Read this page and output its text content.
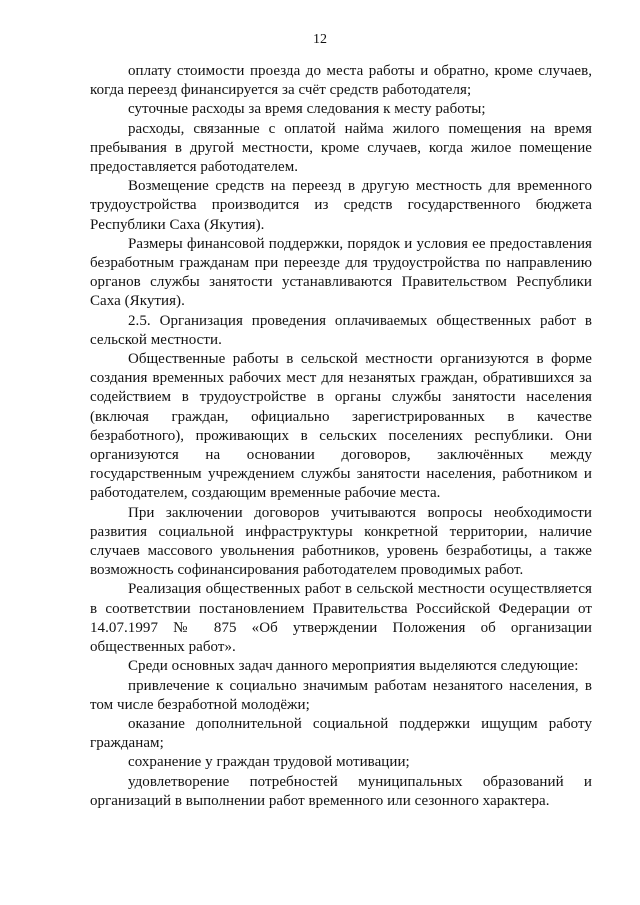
12

оплату стоимости проезда до места работы и обратно, кроме случаев, когда переезд финансируется за счёт средств работодателя;

суточные расходы за время следования к месту работы;

расходы, связанные с оплатой найма жилого помещения на время пребывания в другой местности, кроме случаев, когда жилое помещение предоставляется работодателем.

Возмещение средств на переезд в другую местность для временного трудоустройства производится из средств государственного бюджета Республики Саха (Якутия).

Размеры финансовой поддержки, порядок и условия ее предоставления безработным гражданам при переезде для трудоустройства по направлению органов службы занятости устанавливаются Правительством Республики Саха (Якутия).

2.5. Организация проведения оплачиваемых общественных работ в сельской местности.

Общественные работы в сельской местности организуются в форме создания временных рабочих мест для незанятых граждан, обратившихся за содействием в трудоустройстве в органы службы занятости населения (включая граждан, официально зарегистрированных в качестве безработного), проживающих в сельских поселениях республики. Они организуются на основании договоров, заключённых между государственным учреждением службы занятости населения, работником и работодателем, создающим временные рабочие места.

При заключении договоров учитываются вопросы необходимости развития социальной инфраструктуры конкретной территории, наличие случаев массового увольнения работников, уровень безработицы, а также возможность софинансирования работодателем проводимых работ.

Реализация общественных работ в сельской местности осуществляется в соответствии постановлением Правительства Российской Федерации от 14.07.1997 № 875 «Об утверждении Положения об организации общественных работ».

Среди основных задач данного мероприятия выделяются следующие:

привлечение к социально значимым работам незанятого населения, в том числе безработной молодёжи;

оказание дополнительной социальной поддержки ищущим работу гражданам;

сохранение у граждан трудовой мотивации;

удовлетворение потребностей муниципальных образований и организаций в выполнении работ временного или сезонного характера.
